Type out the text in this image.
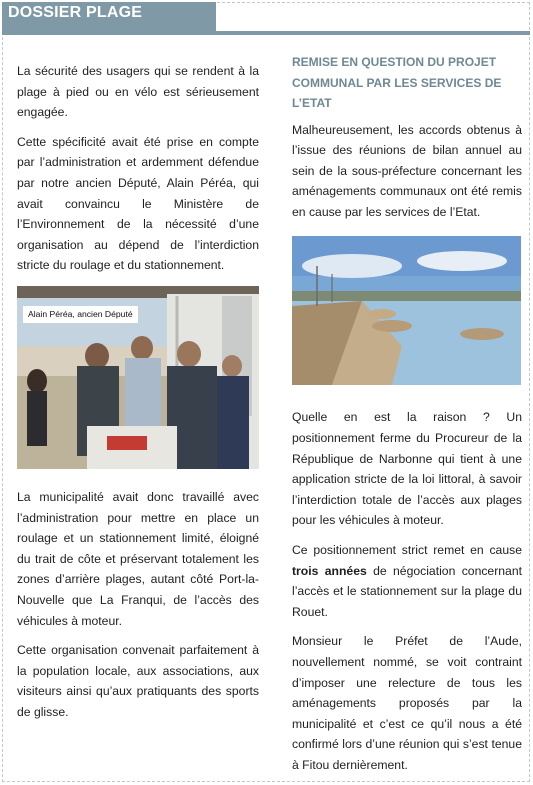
DOSSIER PLAGE

La sécurité des usagers qui se rendent à la plage à pied ou en vélo est sérieusement engagée.

Cette spécificité avait été prise en compte par l’administration et ardemment défendue par notre ancien Député, Alain Péréa, qui avait convaincu le Ministère de l’Environnement de la nécessité d’une organisation au dépend de l’interdiction stricte du roulage et du stationnement.

Alain Péréa, ancien Député

La municipalité avait donc travaillé avec l’administration pour mettre en place un roulage et un stationnement limité, éloigné du trait de côte et préservant totalement les zones d’arrière plages, autant côté Port-la-Nouvelle que La Franqui, de l’accès des véhicules à moteur.

Cette organisation convenait parfaitement à la population locale, aux associations, aux visiteurs ainsi qu’aux pratiquants des sports de glisse.

REMISE EN QUESTION DU PROJET COMMUNAL PAR LES SERVICES DE L’ETAT

Malheureusement, les accords obtenus à l’issue des réunions de bilan annuel au sein de la sous-préfecture concernant les aménagements communaux ont été remis en cause par les services de l’Etat.

Quelle en est la raison ? Un positionnement ferme du Procureur de la République de Narbonne qui tient à une application stricte de la loi littoral, à savoir l’interdiction totale de l’accès aux plages pour les véhicules à moteur.

Ce positionnement strict remet en cause trois années de négociation concernant l’accès et le stationnement sur la plage du Rouet.

Monsieur le Préfet de l’Aude, nouvellement nommé, se voit contraint d’imposer une relecture de tous les aménagements proposés par la municipalité et c’est ce qu’il nous a été confirmé lors d’une réunion qui s’est tenue à Fitou dernièrement.
